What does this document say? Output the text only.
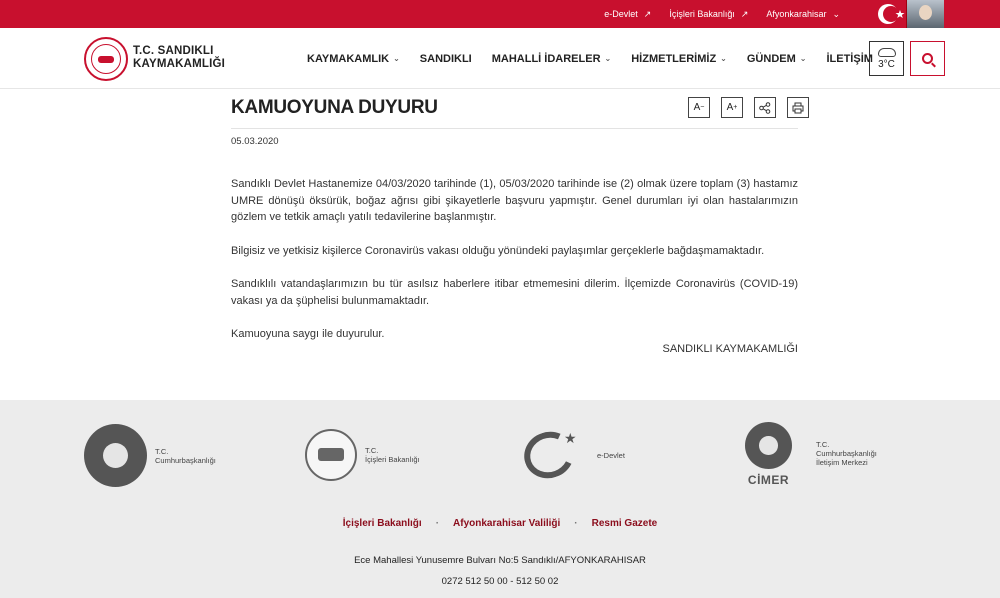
e-Devlet ↗ İçişleri Bakanlığı ↗ Afyonkarahisar ⌄
T.C. SANDIKLI
KAYMAKAMLIĞI	KAYMAKAMLIK ⌄ SANDIKLI MAHALLİ İDARELER ⌄ HİZMETLERİMİZ ⌄ GÜNDEM ⌄ İLETİŞİM 3°C
KAMUOYUNA DUYURU	A − A +
05.03.2020

Sandıklı Devlet Hastanemize 04/03/2020 tarihinde (1), 05/03/2020 tarihinde ise (2) olmak üzere toplam (3) hastamız UMRE dönüşü öksürük, boğaz ağrısı gibi şikayetlerle başvuru yapmıştır. Genel durumları iyi olan hastalarımızın gözlem ve tetkik amaçlı yatılı tedavilerine başlanmıştır.

Bilgisiz ve yetkisiz kişilerce Coronavirüs vakası olduğu yönündeki paylaşımlar gerçeklerle bağdaşmamaktadır.

Sandıklılı vatandaşlarımızın bu tür asılsız haberlere itibar etmemesini dilerim. İlçemizde Coronavirüs (COVID-19) vakası ya da şüphelisi bulunmamaktadır.

Kamuoyuna saygı ile duyurulur.

SANDIKLI KAYMAKAMLIĞI
T.C.
Cumhurbaşkanlığı
T.C.
İçişleri Bakanlığı
★
e-Devlet
CİMER
T.C.
Cumhurbaşkanlığı
İletişim Merkezi
İçişleri Bakanlığı · Afyonkarahisar Valiliği · Resmi Gazete
Ece Mahallesi Yunusemre Bulvarı No:5 Sandıklı/AFYONKARAHISAR
0272 512 50 00 - 512 50 02
